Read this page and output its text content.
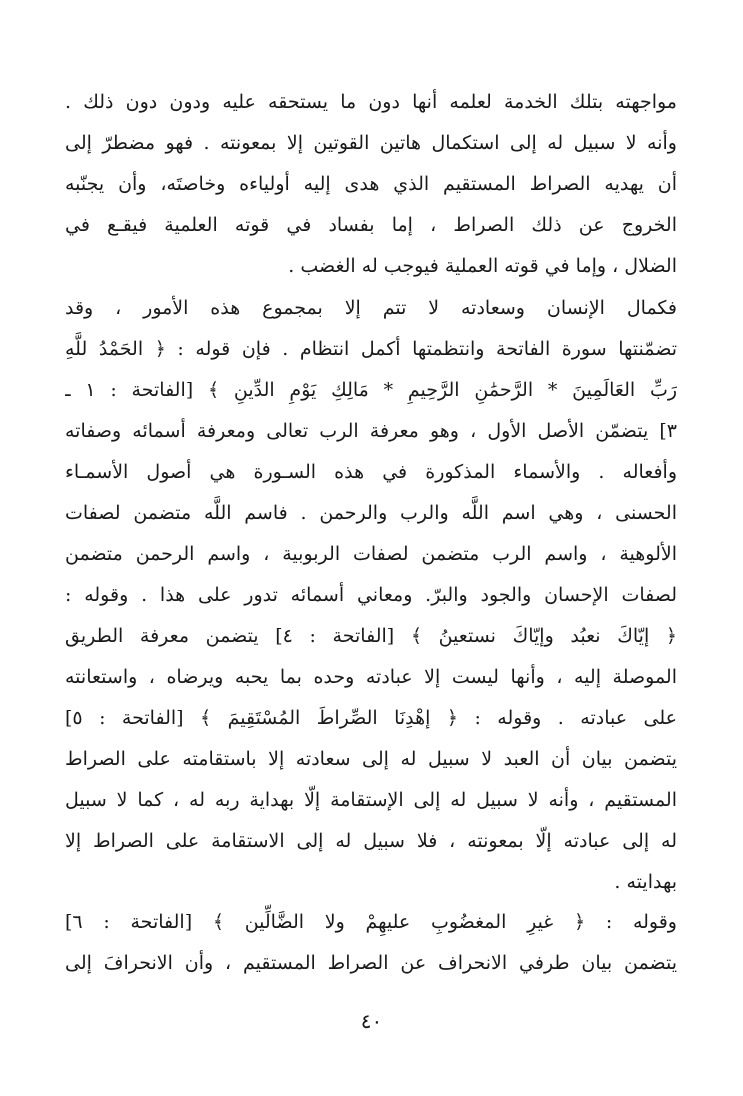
مواجهته بتلك الخدمة لعلمه أنها دون ما يستحقه عليه ودون دون ذلك .
وأنه لا سبيل له إلى استكمال هاتين القوتين إلا بمعونته . فهو مضطرّ إلى
أن يهديه الصراط المستقيم الذي هدى إليه أولياءه وخاصتَه، وأن يجنّبه
الخروج عن ذلك الصراط ، إما بفساد في قوته العلمية فيقـع في
الضلال ، وإما في قوته العملية فيوجب له الغضب .
فكمال الإنسان وسعادته لا تتم إلا بمجموع هذه الأمور ، وقد
تضمّنتها سورة الفاتحة وانتظمتها أكمل انتظام . فإن قوله : ﴿ الحَمْدُ للَّهِ
رَبِّ العَالَمِينَ * الرَّحمَٰنِ الرَّحِيمِ * مَالِكِ يَوْمِ الدِّينِ ﴾ [الفاتحة : ١ ـ
٣] يتضمّن الأصل الأول ، وهو معرفة الرب تعالى ومعرفة أسمائه وصفاته
وأفعاله . والأسماء المذكورة في هذه السـورة هي أصول الأسمـاء
الحسنى ، وهي اسم اللَّه والرب والرحمن . فاسم اللَّه متضمن لصفات
الألوهية ، واسم الرب متضمن لصفات الربوبية ، واسم الرحمن متضمن
لصفات الإحسان والجود والبرّ. ومعاني أسمائه تدور على هذا . وقوله :
﴿ إيّاكَ نعبُد وإيّاكَ نستعينُ ﴾ [الفاتحة : ٤] يتضمن معرفة الطريق
الموصلة إليه ، وأنها ليست إلا عبادته وحده بما يحبه ويرضاه ، واستعانته
على عبادته . وقوله : ﴿ إهْدِنَا الصِّراطَ المُسْتَقِيمَ ﴾ [الفاتحة : ٥]
يتضمن بيان أن العبد لا سبيل له إلى سعادته إلا باستقامته على الصراط
المستقيم ، وأنه لا سبيل له إلى الإستقامة إلّا بهداية ربه له ، كما لا سبيل
له إلى عبادته إلّا بمعونته ، فلا سبيل له إلى الاستقامة على الصراط إلا
بهدايته .
وقوله : ﴿ غيرِ المغضُوبِ عليهِمْ ولا الضَّالِّين ﴾ [الفاتحة : ٦]
يتضمن بيان طرفي الانحراف عن الصراط المستقيم ، وأن الانحرافَ إلى
٤٠
